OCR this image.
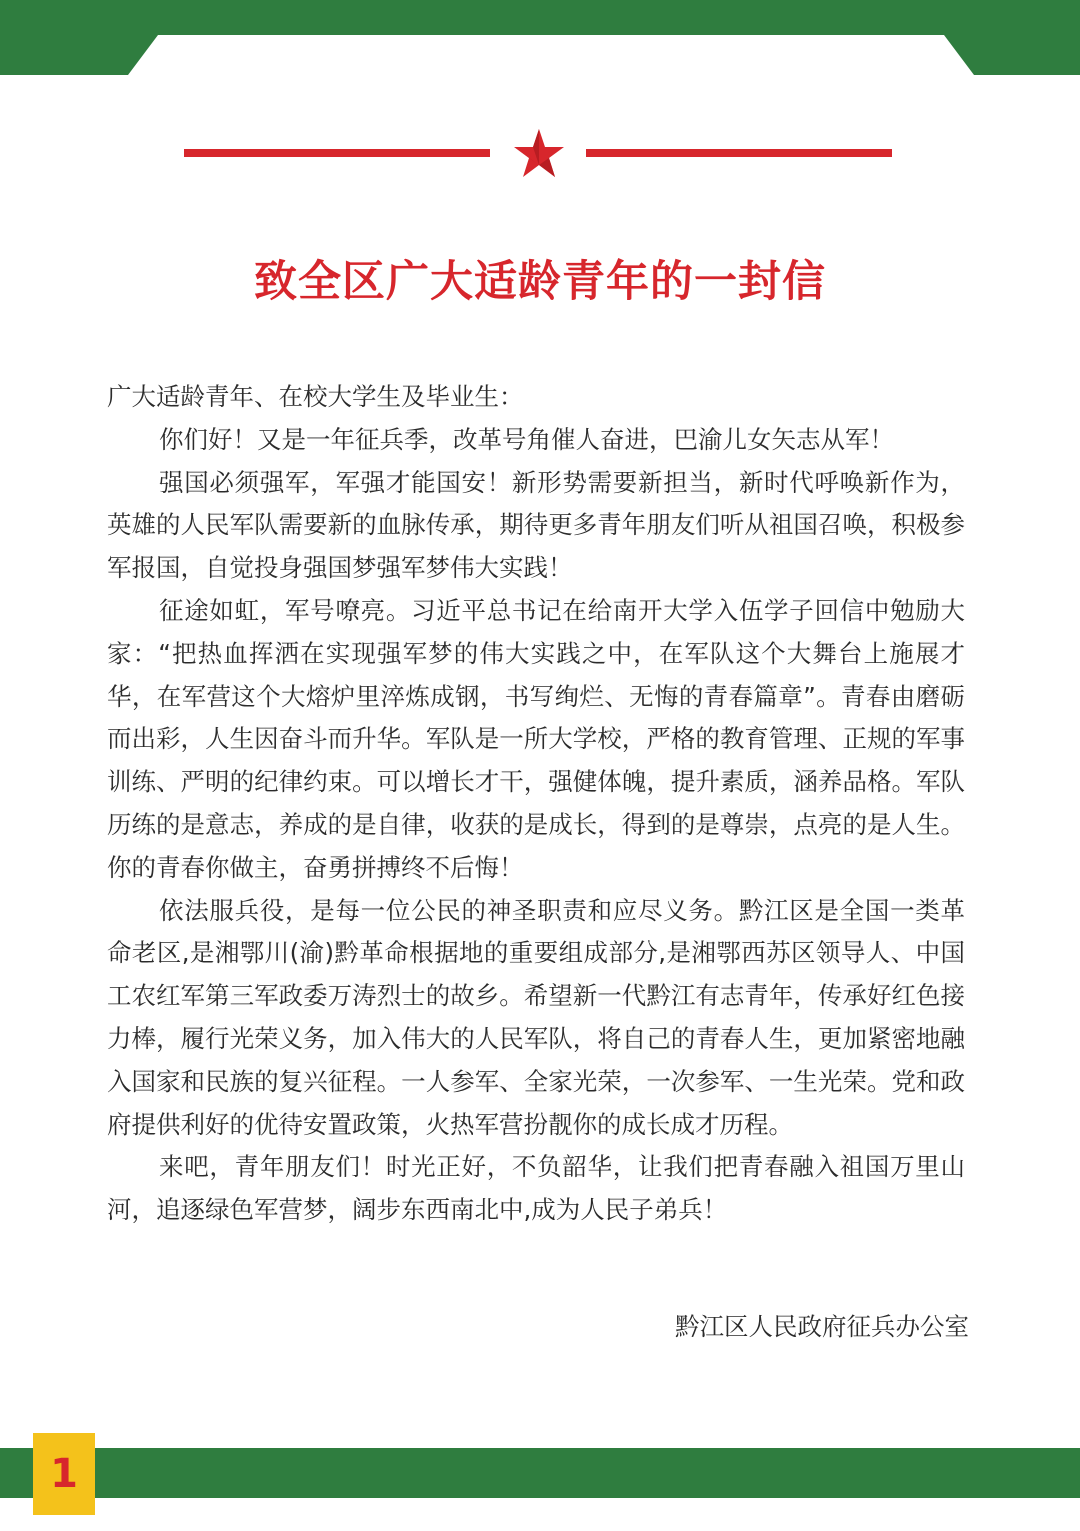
致全区广大适龄青年的一封信

广大适龄青年、在校大学生及毕业生：

你们好！又是一年征兵季，改革号角催人奋进，巴渝儿女矢志从军！

强国必须强军，军强才能国安！新形势需要新担当，新时代呼唤新作为，英雄的人民军队需要新的血脉传承，期待更多青年朋友们听从祖国召唤，积极参军报国，自觉投身强国梦强军梦伟大实践！

征途如虹，军号嘹亮。习近平总书记在给南开大学入伍学子回信中勉励大家：“把热血挥洒在实现强军梦的伟大实践之中，在军队这个大舞台上施展才华，在军营这个大熔炉里淬炼成钢，书写绚烂、无悔的青春篇章”。青春由磨砺而出彩，人生因奋斗而升华。军队是一所大学校，严格的教育管理、正规的军事训练、严明的纪律约束。可以增长才干，强健体魄，提升素质，涵养品格。军队历练的是意志，养成的是自律，收获的是成长，得到的是尊崇，点亮的是人生。你的青春你做主，奋勇拼搏终不后悔！

依法服兵役，是每一位公民的神圣职责和应尽义务。黔江区是全国一类革命老区,是湘鄂川(渝)黔革命根据地的重要组成部分,是湘鄂西苏区领导人、中国工农红军第三军政委万涛烈士的故乡。希望新一代黔江有志青年，传承好红色接力棒，履行光荣义务，加入伟大的人民军队，将自己的青春人生，更加紧密地融入国家和民族的复兴征程。一人参军、全家光荣，一次参军、一生光荣。党和政府提供利好的优待安置政策，火热军营扮靓你的成长成才历程。

来吧，青年朋友们！时光正好，不负韶华，让我们把青春融入祖国万里山河，追逐绿色军营梦，阔步东西南北中,成为人民子弟兵！

黔江区人民政府征兵办公室
1
